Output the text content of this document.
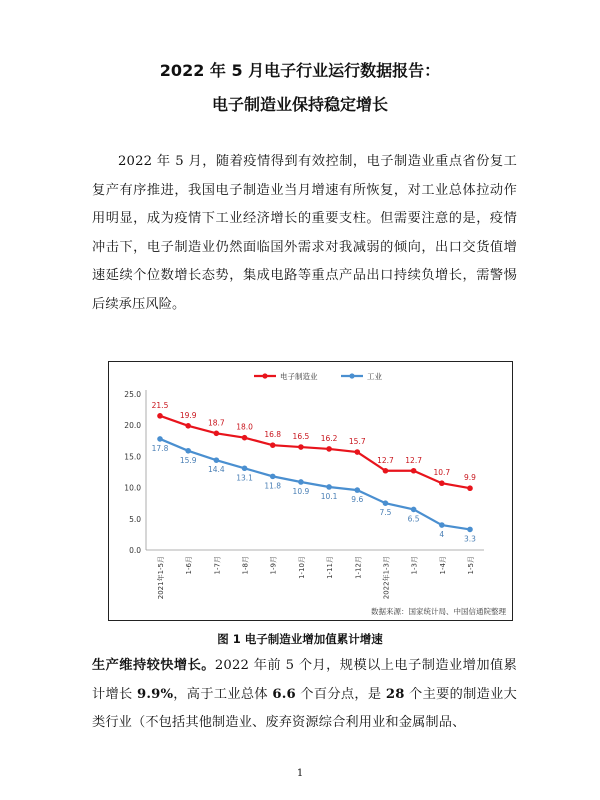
2022 年 5 月电子行业运行数据报告：
电子制造业保持稳定增长

2022 年 5 月，随着疫情得到有效控制，电子制造业重点省份复工复产有序推进，我国电子制造业当月增速有所恢复，对工业总体拉动作用明显，成为疫情下工业经济增长的重要支柱。但需要注意的是，疫情冲击下，电子制造业仍然面临国外需求对我减弱的倾向，出口交货值增速延续个位数增长态势，集成电路等重点产品出口持续负增长，需警惕后续承压风险。

0.0
5.0
10.0
15.0
20.0
25.0
2021年1-5月	1-6月	1-7月	1-8月	1-9月	1-10月	1-11月	1-12月	2022年1-3月	1-3月	1-4月	1-5月
21.5
19.9
18.7 18.0
16.8 16.5 16.2 15.7
12.7 12.7
10.7
9.9
17.8
15.9
14.4
13.1
11.8
10.9
10.1 9.6
7.5
6.5
4	3.3
电子制造业	工业
数据来源：国家统计局、中国信通院整理
图 1 电子制造业增加值累计增速

生产维持较快增长。2022 年前 5 个月，规模以上电子制造业增加值累计增长 9.9%，高于工业总体 6.6 个百分点，是 28 个主要的制造业大类行业（不包括其他制造业、废弃资源综合利用业和金属制品、

1
